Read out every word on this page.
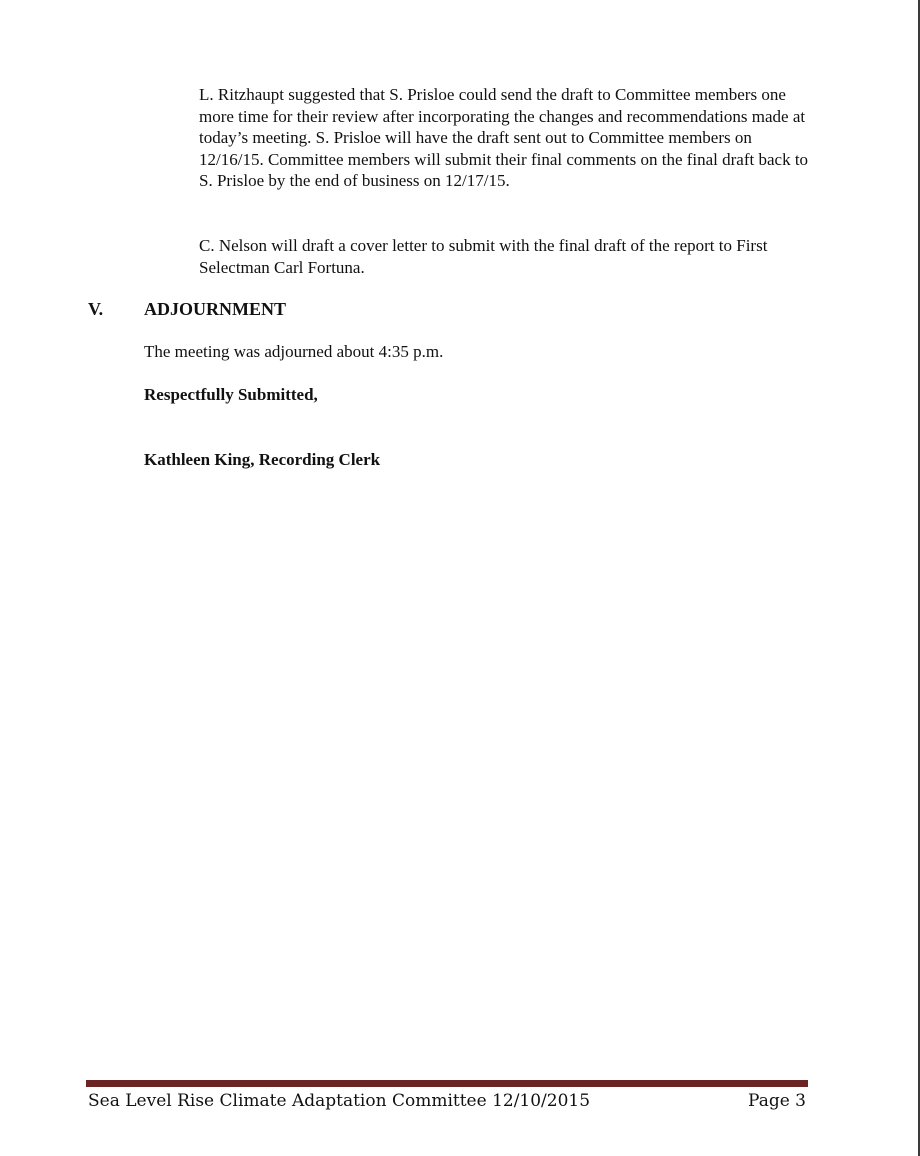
L. Ritzhaupt suggested that S. Prisloe could send the draft to Committee members one more time for their review after incorporating the changes and recommendations made at today’s meeting. S. Prisloe will have the draft sent out to Committee members on 12/16/15. Committee members will submit their final comments on the final draft back to S. Prisloe by the end of business on 12/17/15.

C. Nelson will draft a cover letter to submit with the final draft of the report to First Selectman Carl Fortuna.

V. ADJOURNMENT
The meeting was adjourned about 4:35 p.m.
Respectfully Submitted,
Kathleen King, Recording Clerk
Sea Level Rise Climate Adaptation Committee 12/10/2015	Page 3
